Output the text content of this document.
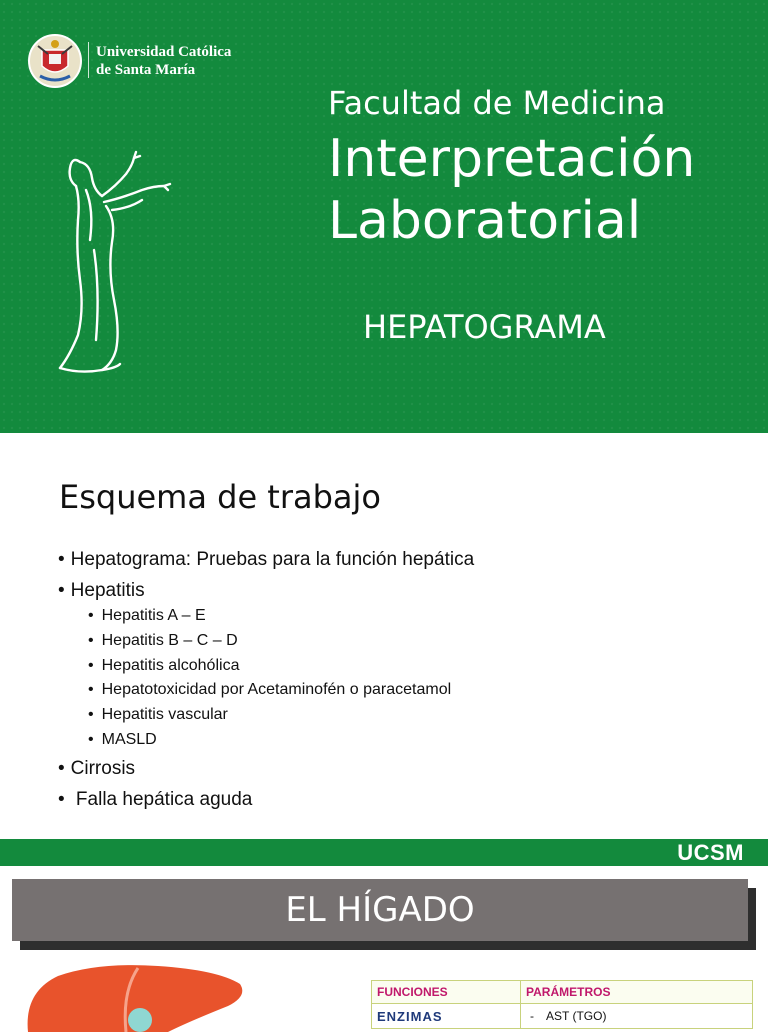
Universidad Católica
de Santa María
Facultad de Medicina
Interpretación
Laboratorial
HEPATOGRAMA
Esquema de trabajo
• Hepatograma: Pruebas para la función hepática
• Hepatitis
• Hepatitis A – E
• Hepatitis B – C – D
• Hepatitis alcohólica
• Hepatotoxicidad por Acetaminofén o paracetamol
• Hepatitis vascular
• MASLD
• Cirrosis
• Falla hepática aguda
UCSM
EL HÍGADO
FUNCIONES	PARÁMETROS
ENZIMAS	- AST (TGO)
